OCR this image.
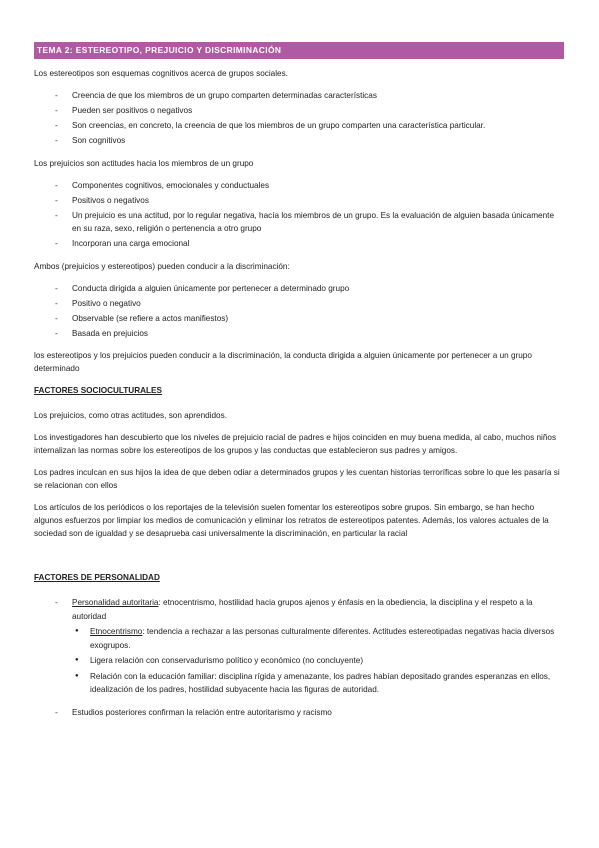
TEMA 2: ESTEREOTIPO, PREJUICIO Y DISCRIMINACIÓN

Los estereotipos son esquemas cognitivos acerca de grupos sociales.

- Creencia de que los miembros de un grupo comparten determinadas características
- Pueden ser positivos o negativos
- Son creencias, en concreto, la creencia de que los miembros de un grupo comparten una característica particular.
- Son cognitivos

Los prejuicios son actitudes hacia los miembros de un grupo

- Componentes cognitivos, emocionales y conductuales
- Positivos o negativos
- Un prejuicio es una actitud, por lo regular negativa, hacía los miembros de un grupo. Es la evaluación de alguien basada únicamente en su raza, sexo, religión o pertenencia a otro grupo
- Incorporan una carga emocional

Ambos (prejuicios y estereotipos) pueden conducir a la discriminación:

- Conducta dirigida a alguien únicamente por pertenecer a determinado grupo
- Positivo o negativo
- Observable (se refiere a actos manifiestos)
- Basada en prejuicios

los estereotipos y los prejuicios pueden conducir a la discriminación, la conducta dirigida a alguien únicamente por pertenecer a un grupo determinado

FACTORES SOCIOCULTURALES

Los prejuicios, como otras actitudes, son aprendidos.

Los investigadores han descubierto que los niveles de prejuicio racial de padres e hijos coinciden en muy buena medida, al cabo, muchos niños internalizan las normas sobre los estereotipos de los grupos y las conductas que establecieron sus padres y amigos.

Los padres inculcan en sus hijos la idea de que deben odiar a determinados grupos y les cuentan historias terroríficas sobre lo que les pasaría si se relacionan con ellos

Los artículos de los periódicos o los reportajes de la televisión suelen fomentar los estereotipos sobre grupos. Sin embargo, se han hecho algunos esfuerzos por limpiar los medios de comunicación y eliminar los retratos de estereotipos patentes. Además, los valores actuales de la sociedad son de igualdad y se desaprueba casi universalmente la discriminación, en particular la racial

FACTORES DE PERSONALIDAD
- Personalidad autoritaria: etnocentrismo, hostilidad hacia grupos ajenos y énfasis en la obediencia, la disciplina y el respeto a la autoridad
● Etnocentrismo: tendencia a rechazar a las personas culturalmente diferentes. Actitudes estereotipadas negativas hacia diversos exogrupos.
● Ligera relación con conservadurismo político y económico (no concluyente)
● Relación con la educación familiar: disciplina rígida y amenazante, los padres habían depositado grandes esperanzas en ellos, idealización de los padres, hostilidad subyacente hacia las figuras de autoridad.
- Estudios posteriores confirman la relación entre autoritarismo y racismo
